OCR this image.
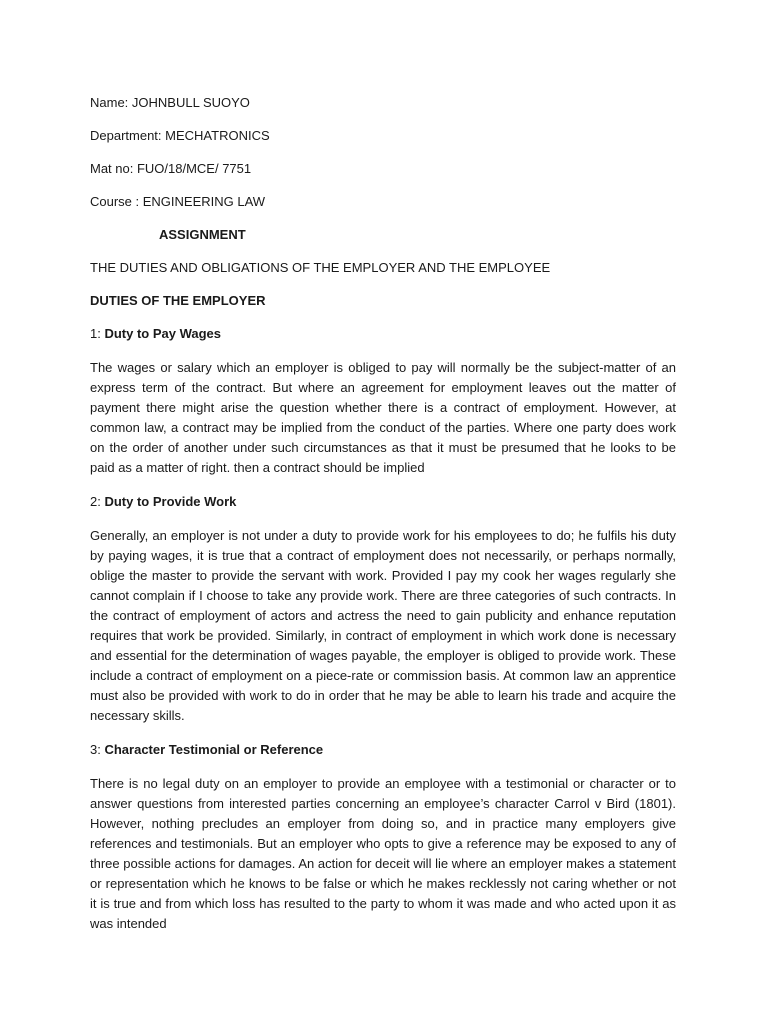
Name: JOHNBULL SUOYO

Department: MECHATRONICS

Mat no: FUO/18/MCE/ 7751

Course : ENGINEERING LAW

ASSIGNMENT

THE DUTIES AND OBLIGATIONS OF THE EMPLOYER AND THE EMPLOYEE

DUTIES OF THE EMPLOYER

1: Duty to Pay Wages

The wages or salary which an employer is obliged to pay will normally be the subject-matter of an express term of the contract. But where an agreement for employment leaves out the matter of payment there might arise the question whether there is a contract of employment. However, at common law, a contract may be implied from the conduct of the parties. Where one party does work on the order of another under such circumstances as that it must be presumed that he looks to be paid as a matter of right. then a contract should be implied

2: Duty to Provide Work

Generally, an employer is not under a duty to provide work for his employees to do; he fulfils his duty by paying wages, it is true that a contract of employment does not necessarily, or perhaps normally, oblige the master to provide the servant with work. Provided I pay my cook her wages regularly she cannot complain if I choose to take any provide work. There are three categories of such contracts. In the contract of employment of actors and actress the need to gain publicity and enhance reputation requires that work be provided. Similarly, in contract of employment in which work done is necessary and essential for the determination of wages payable, the employer is obliged to provide work. These include a contract of employment on a piece-rate or commission basis. At common law an apprentice must also be provided with work to do in order that he may be able to learn his trade and acquire the necessary skills.

3: Character Testimonial or Reference

There is no legal duty on an employer to provide an employee with a testimonial or character or to answer questions from interested parties concerning an employee’s character Carrol v Bird (1801). However, nothing precludes an employer from doing so, and in practice many employers give references and testimonials. But an employer who opts to give a reference may be exposed to any of three possible actions for damages. An action for deceit will lie where an employer makes a statement or representation which he knows to be false or which he makes recklessly not caring whether or not it is true and from which loss has resulted to the party to whom it was made and who acted upon it as was intended
